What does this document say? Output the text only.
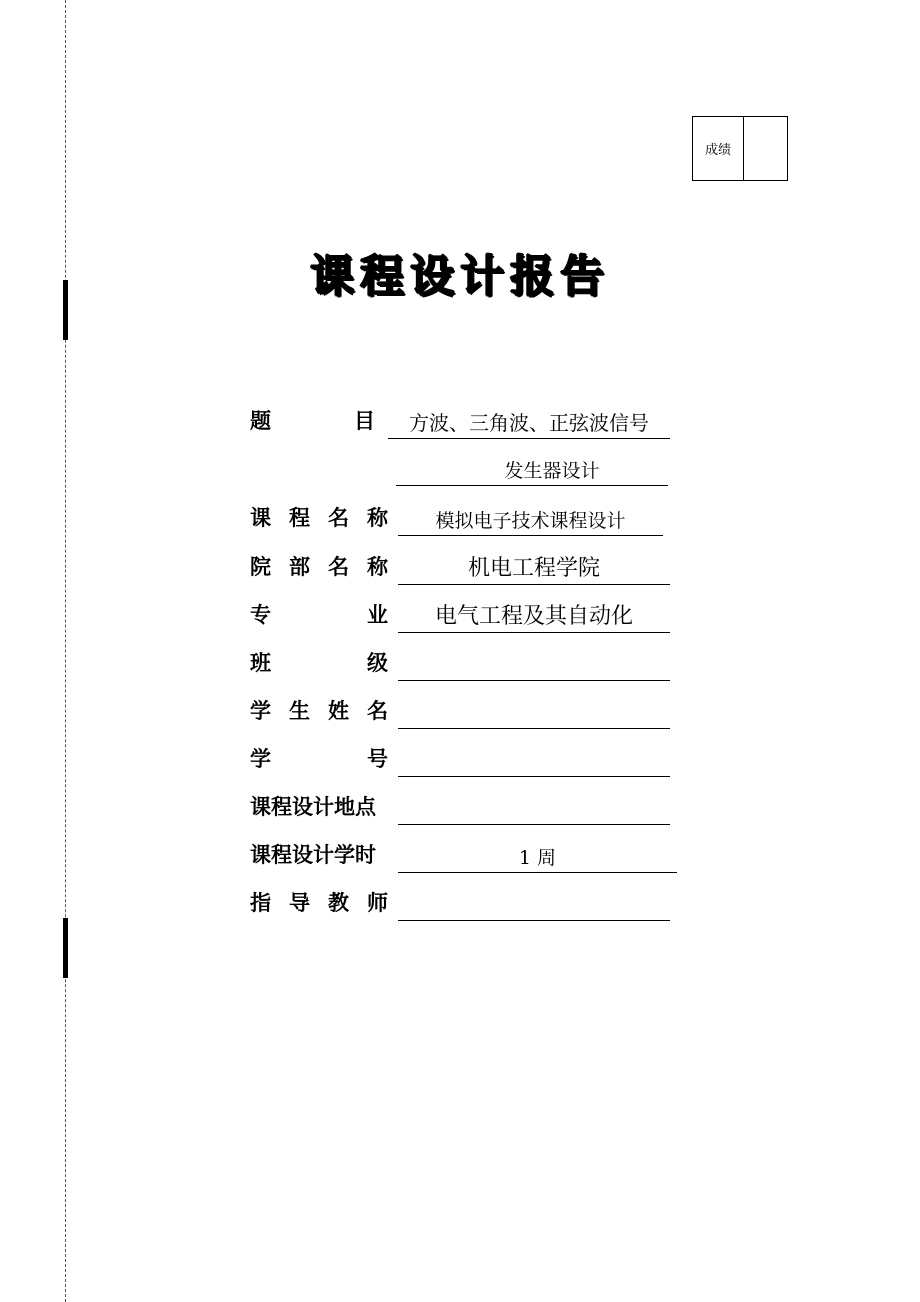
成绩
课程设计报告
题	目	方波、三角波、正弦波信号
发生器设计
课 程 名 称	模拟电子技术课程设计
院 部 名 称	机电工程学院
专	业	电气工程及其自动化
班	级
学 生 姓 名
学	号
课程设计地点
课程设计学时	1 周
指 导 教 师
